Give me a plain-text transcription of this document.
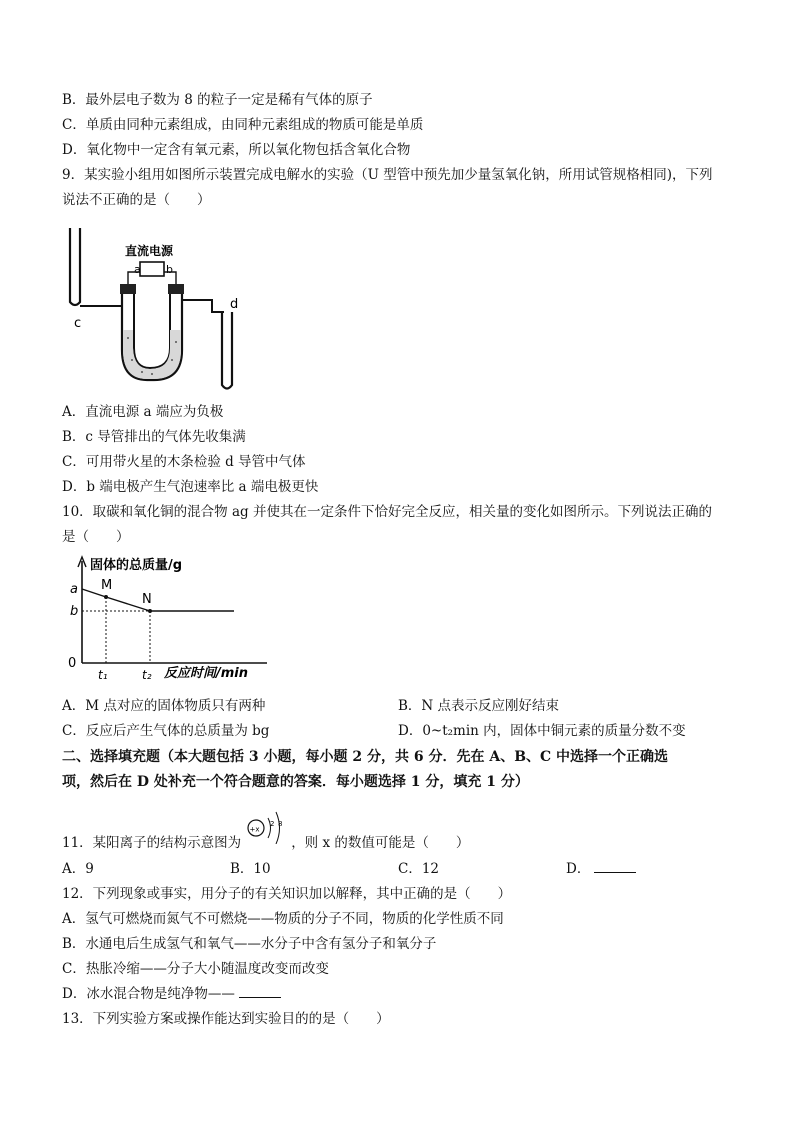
B．最外层电子数为 8 的粒子一定是稀有气体的原子
C．单质由同种元素组成，由同种元素组成的物质可能是单质
D．氧化物中一定含有氧元素，所以氧化物包括含氧化合物
9．某实验小组用如图所示装置完成电解水的实验（U 型管中预先加少量氢氧化钠，所用试管规格相同)，下列
说法不正确的是（　　）
c
直流电源
a b
d
A．直流电源 a 端应为负极
B．c 导管排出的气体先收集满
C．可用带火星的木条检验 d 导管中气体
D．b 端电极产生气泡速率比 a 端电极更快
10．取碳和氧化铜的混合物 ag 并使其在一定条件下恰好完全反应，相关量的变化如图所示。下列说法正确的
是（　　）
固体的总质量/g
反应时间/min
0
a
b
t₁	t₂
M
N
A．M 点对应的固体物质只有两种	B．N 点表示反应刚好结束
C．反应后产生气体的总质量为 bg	D．0~t₂min 内，固体中铜元素的质量分数不变
二、选择填充题（本大题包括 3 小题，每小题 2 分，共 6 分．先在 A、B、C 中选择一个正确选
项，然后在 D 处补充一个符合题意的答案．每小题选择 1 分，填充 1 分）
11．某阳离子的结构示意图为	，则 x 的数值可能是（　　）
+x
2 8
A．9	B．10	C．12	D．
12．下列现象或事实，用分子的有关知识加以解释，其中正确的是（　　）
A．氢气可燃烧而氮气不可燃烧——物质的分子不同，物质的化学性质不同
B．水通电后生成氢气和氧气——水分子中含有氢分子和氧分子
C．热胀冷缩——分子大小随温度改变而改变
D．冰水混合物是纯净物——
13．下列实验方案或操作能达到实验目的的是（　　）
